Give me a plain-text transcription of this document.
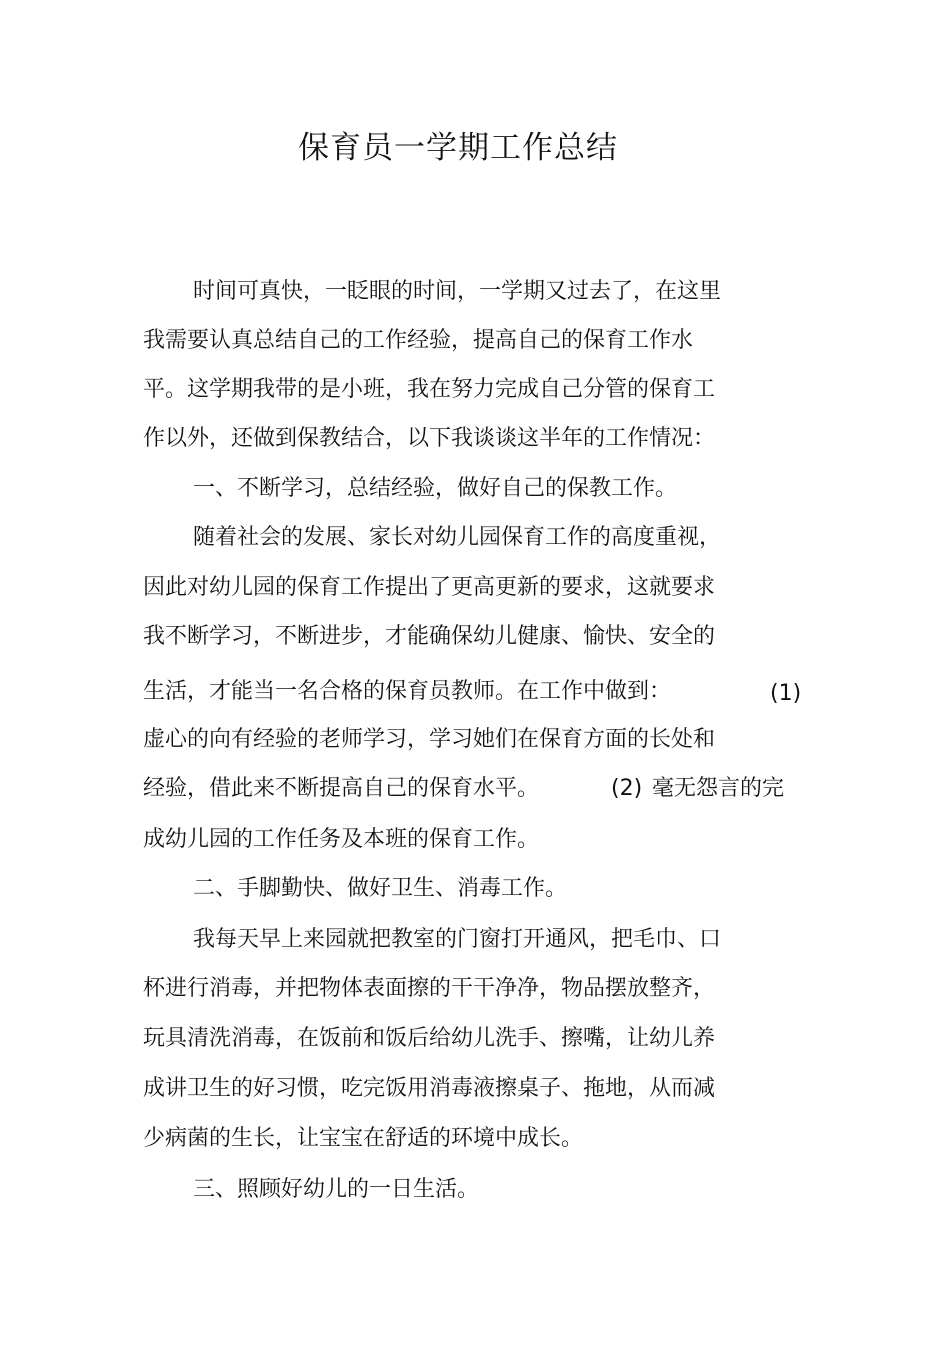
保育员一学期工作总结
时间可真快，一眨眼的时间，一学期又过去了，在这里
我需要认真总结自己的工作经验，提高自己的保育工作水
平。这学期我带的是小班，我在努力完成自己分管的保育工
作以外，还做到保教结合，以下我谈谈这半年的工作情况：
一、不断学习，总结经验，做好自己的保教工作。
随着社会的发展、家长对幼儿园保育工作的高度重视，
因此对幼儿园的保育工作提出了更高更新的要求，这就要求
我不断学习，不断进步，才能确保幼儿健康、愉快、安全的
生活，才能当一名合格的保育员教师。在工作中做到：	(1)
虚心的向有经验的老师学习，学习她们在保育方面的长处和
经验，借此来不断提高自己的保育水平。	(2) 毫无怨言的完
成幼儿园的工作任务及本班的保育工作。
二、手脚勤快、做好卫生、消毒工作。
我每天早上来园就把教室的门窗打开通风，把毛巾、口
杯进行消毒，并把物体表面擦的干干净净，物品摆放整齐，
玩具清洗消毒，在饭前和饭后给幼儿洗手、擦嘴，让幼儿养
成讲卫生的好习惯，吃完饭用消毒液擦桌子、拖地，从而减
少病菌的生长，让宝宝在舒适的环境中成长。
三、照顾好幼儿的一日生活。
